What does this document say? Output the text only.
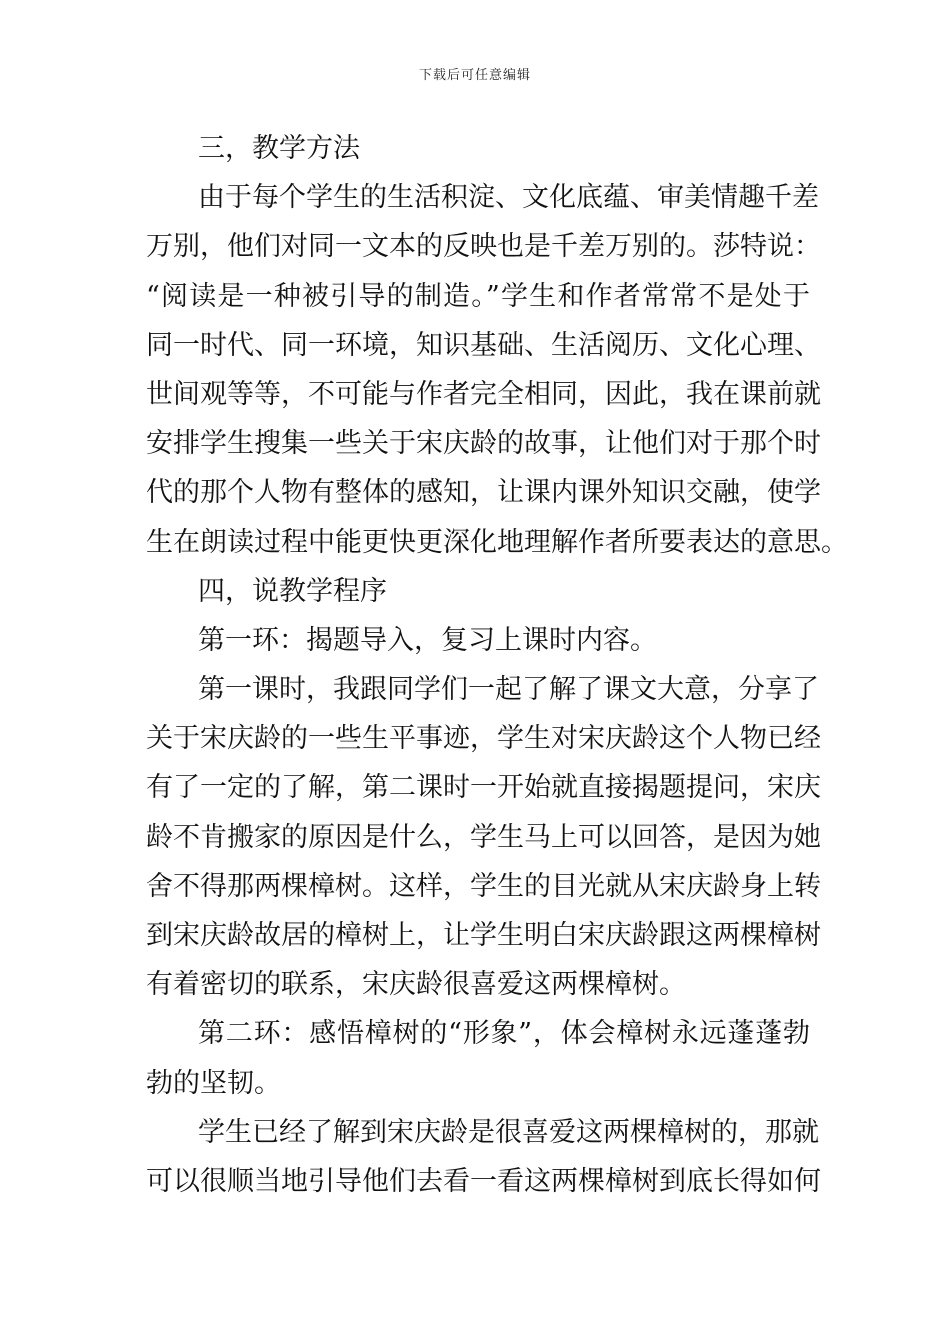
下载后可任意编辑
三，教学方法
由于每个学生的生活积淀、文化底蕴、审美情趣千差
万别，他们对同一文本的反映也是千差万别的。莎特说：
“阅读是一种被引导的制造。”学生和作者常常不是处于
同一时代、同一环境，知识基础、生活阅历、文化心理、
世间观等等，不可能与作者完全相同，因此，我在课前就
安排学生搜集一些关于宋庆龄的故事，让他们对于那个时
代的那个人物有整体的感知，让课内课外知识交融，使学
生在朗读过程中能更快更深化地理解作者所要表达的意思。
四，说教学程序
第一环：揭题导入，复习上课时内容。
第一课时，我跟同学们一起了解了课文大意，分享了
关于宋庆龄的一些生平事迹，学生对宋庆龄这个人物已经
有了一定的了解，第二课时一开始就直接揭题提问，宋庆
龄不肯搬家的原因是什么，学生马上可以回答，是因为她
舍不得那两棵樟树。这样，学生的目光就从宋庆龄身上转
到宋庆龄故居的樟树上，让学生明白宋庆龄跟这两棵樟树
有着密切的联系，宋庆龄很喜爱这两棵樟树。
第二环：感悟樟树的“形象”，体会樟树永远蓬蓬勃
勃的坚韧。
学生已经了解到宋庆龄是很喜爱这两棵樟树的，那就
可以很顺当地引导他们去看一看这两棵樟树到底长得如何
